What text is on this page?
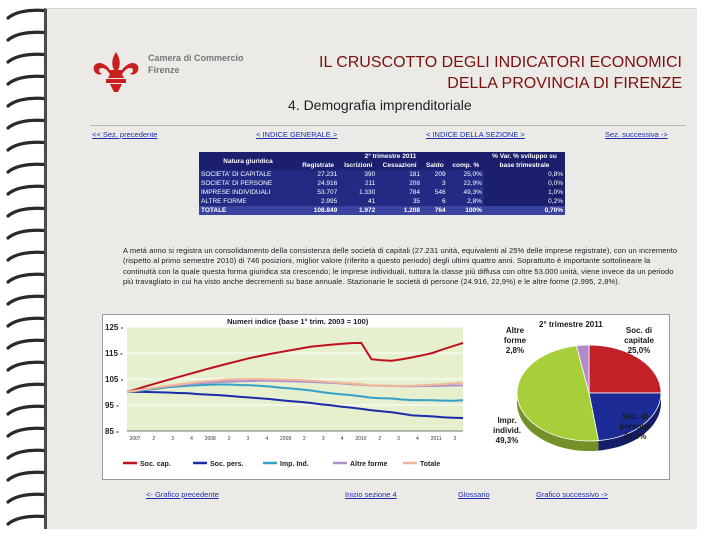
Camera di Commercio
Firenze	IL CRUSCOTTO DEGLI INDICATORI ECONOMICI
DELLA PROVINCIA DI FIRENZE
4. Demografia imprenditoriale
<< Sez. precedente	< INDICE GENERALE >	< INDICE DELLA SEZIONE >	Sez. successiva ->
Natura giuridica	2° trimestre 2011					% Var. % sviluppo su
	Registrate	Iscrizioni	Cessazioni	Saldo	comp. %	base trimestrale
SOCIETA' DI CAPITALE	27.231	390	181	209	25,0%	0,8%
SOCIETA' DI PERSONE	24.916	211	208	3	22,9%	0,0%
IMPRESE INDIVIDUALI	53.707	1.330	784	546	49,3%	1,0%
ALTRE FORME	2.995	41	35	6	2,8%	0,2%
TOTALE	108.849	1.972	1.208	764	100%	0,70%
A metà anno si registra un consolidamento della consistenza delle società di capitali (27.231 unità, equivalenti al 25% delle imprese registrate), con un incremento (rispetto al primo semestre 2010) di 746 posizioni, miglior valore (riferito a questo periodo) degli ultimi quattro anni. Soprattutto è importante sottolineare la continuità con la quale questa forma giuridica sta crescendo; le imprese individuali, tuttora la classe più diffusa con oltre 53.000 unità, viene invece da un periodo più travagliato in cui ha visto anche decrementi su base annuale. Stazionarie le società di persone (24.916, 22,9%) e le altre forme (2.995, 2,8%).
85 -
95 -
105 -
115 -
125 -
2007 2	3	4 2008 2	3	4 2009 2	3	4 2010 2	3	4 2011 2
Numeri indice (base 1° trim. 2003 = 100)
Soc. cap.	Soc. pers.	Imp. Ind.	Altre forme	Totale
2° trimestre 2011
Soc. di
capitale
25,0%
Soc. di
persone
22,9%
Impr.
individ.
49,3%
Altre
forme
2,8%
<- Grafico precedente	Inizio sezione 4	Glossario	Grafico successivo ->
